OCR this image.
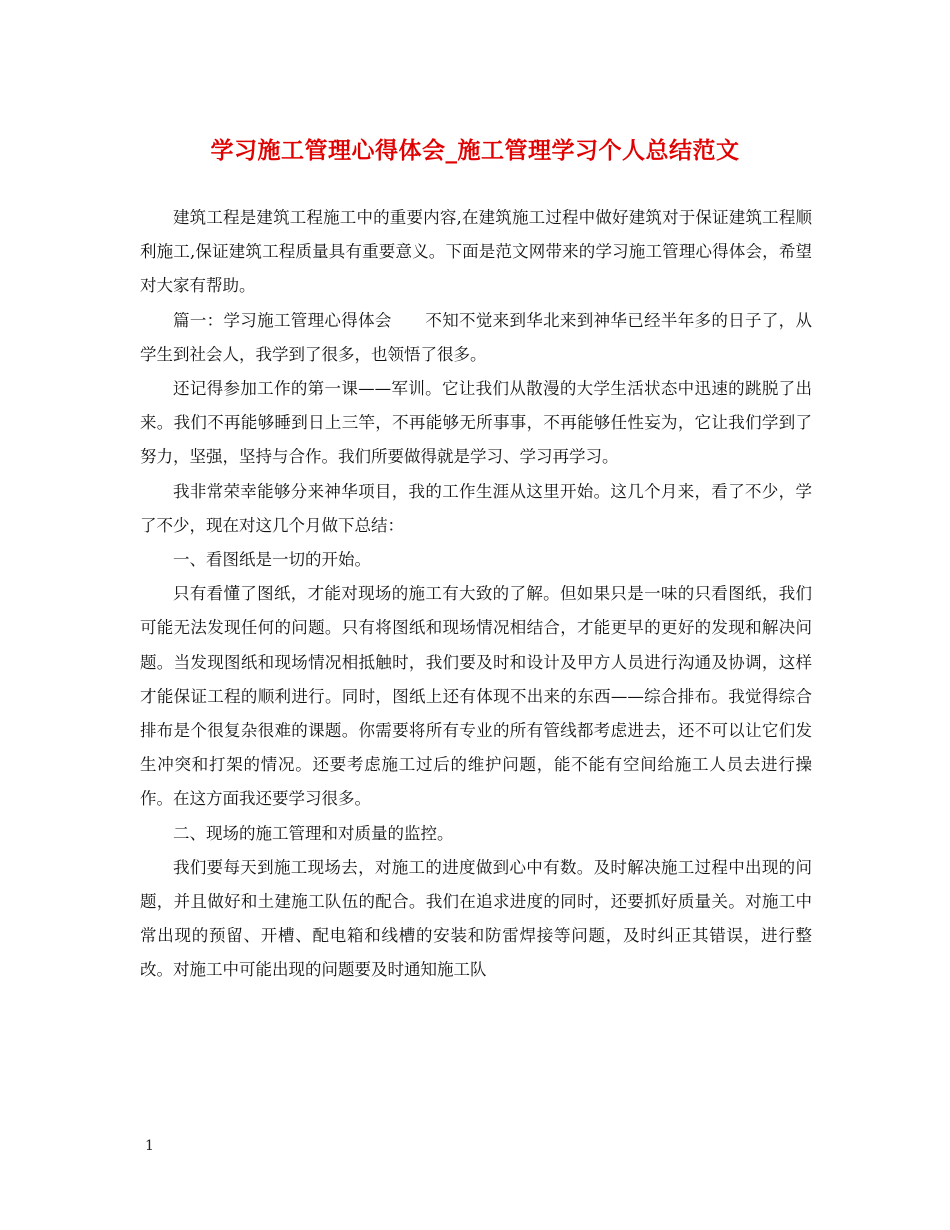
学习施工管理心得体会_施工管理学习个人总结范文

建筑工程是建筑工程施工中的重要内容,在建筑施工过程中做好建筑对于保证建筑工程顺利施工,保证建筑工程质量具有重要意义。下面是范文网带来的学习施工管理心得体会，希望对大家有帮助。

篇一：学习施工管理心得体会　　不知不觉来到华北来到神华已经半年多的日子了，从学生到社会人，我学到了很多，也领悟了很多。

还记得参加工作的第一课——军训。它让我们从散漫的大学生活状态中迅速的跳脱了出来。我们不再能够睡到日上三竿，不再能够无所事事，不再能够任性妄为，它让我们学到了努力，坚强，坚持与合作。我们所要做得就是学习、学习再学习。

我非常荣幸能够分来神华项目，我的工作生涯从这里开始。这几个月来，看了不少，学了不少，现在对这几个月做下总结：

一、看图纸是一切的开始。

只有看懂了图纸，才能对现场的施工有大致的了解。但如果只是一味的只看图纸，我们可能无法发现任何的问题。只有将图纸和现场情况相结合，才能更早的更好的发现和解决问题。当发现图纸和现场情况相抵触时，我们要及时和设计及甲方人员进行沟通及协调，这样才能保证工程的顺利进行。同时，图纸上还有体现不出来的东西——综合排布。我觉得综合排布是个很复杂很难的课题。你需要将所有专业的所有管线都考虑进去，还不可以让它们发生冲突和打架的情况。还要考虑施工过后的维护问题，能不能有空间给施工人员去进行操作。在这方面我还要学习很多。

二、现场的施工管理和对质量的监控。

我们要每天到施工现场去，对施工的进度做到心中有数。及时解决施工过程中出现的问题，并且做好和土建施工队伍的配合。我们在追求进度的同时，还要抓好质量关。对施工中常出现的预留、开槽、配电箱和线槽的安装和防雷焊接等问题，及时纠正其错误，进行整改。对施工中可能出现的问题要及时通知施工队

1
